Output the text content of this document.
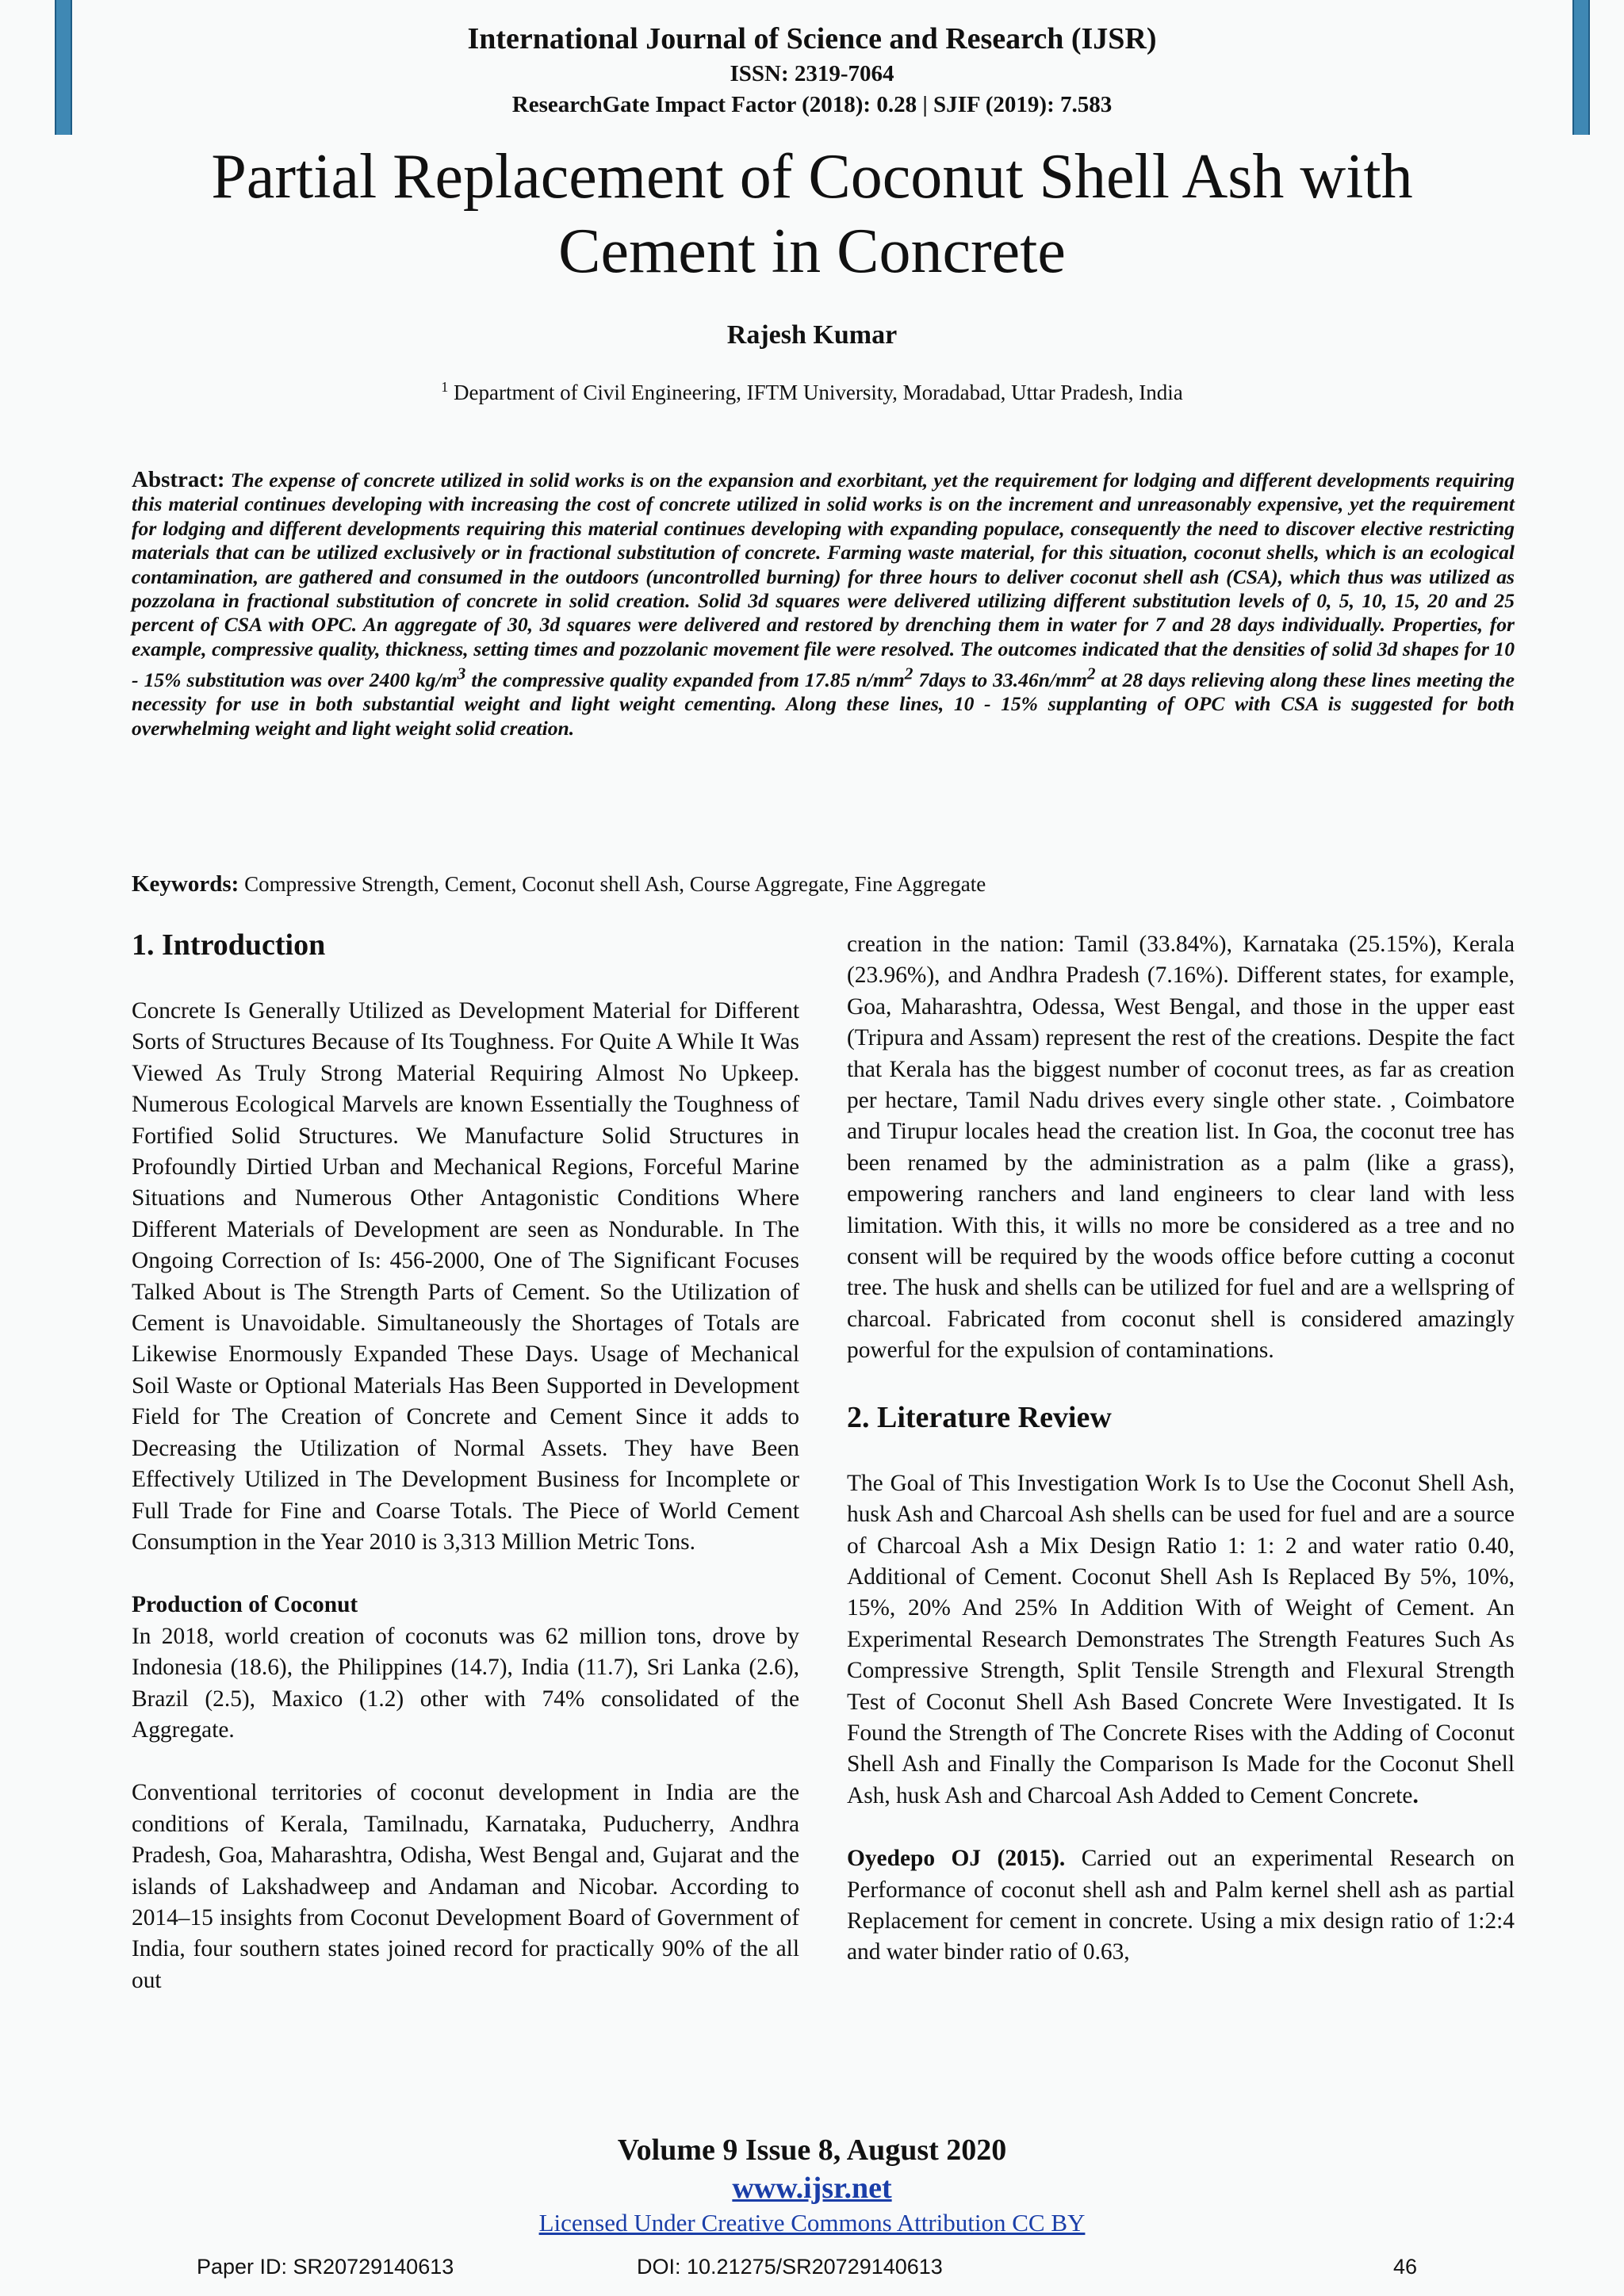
International Journal of Science and Research (IJSR)
ISSN: 2319-7064
ResearchGate Impact Factor (2018): 0.28 | SJIF (2019): 7.583
Partial Replacement of Coconut Shell Ash with Cement in Concrete
Rajesh Kumar
$^1$ Department of Civil Engineering, IFTM University, Moradabad, Uttar Pradesh, India
Abstract: The expense of concrete utilized in solid works is on the expansion and exorbitant, yet the requirement for lodging and different developments requiring this material continues developing with increasing the cost of concrete utilized in solid works is on the increment and unreasonably expensive, yet the requirement for lodging and different developments requiring this material continues developing with expanding populace, consequently the need to discover elective restricting materials that can be utilized exclusively or in fractional substitution of concrete. Farming waste material, for this situation, coconut shells, which is an ecological contamination, are gathered and consumed in the outdoors (uncontrolled burning) for three hours to deliver coconut shell ash (CSA), which thus was utilized as pozzolana in fractional substitution of concrete in solid creation. Solid 3d squares were delivered utilizing different substitution levels of 0, 5, 10, 15, 20 and 25 percent of CSA with OPC. An aggregate of 30, 3d squares were delivered and restored by drenching them in water for 7 and 28 days individually. Properties, for example, compressive quality, thickness, setting times and pozzolanic movement file were resolved. The outcomes indicated that the densities of solid 3d shapes for 10 - 15% substitution was over 2400 $kg/m^3$ the compressive quality expanded from 17.85 $n/mm^2$ 7days to $33.46n/mm^2$ at 28 days relieving along these lines meeting the necessity for use in both substantial weight and light weight cementing. Along these lines, 10 - 15% supplanting of OPC with CSA is suggested for both overwhelming weight and light weight solid creation.
Keywords: Compressive Strength, Cement, Coconut shell Ash, Course Aggregate, Fine Aggregate
1. Introduction

Concrete Is Generally Utilized as Development Material for Different Sorts of Structures Because of Its Toughness. For Quite A While It Was Viewed As Truly Strong Material Requiring Almost No Upkeep. Numerous Ecological Marvels are known Essentially the Toughness of Fortified Solid Structures. We Manufacture Solid Structures in Profoundly Dirtied Urban and Mechanical Regions, Forceful Marine Situations and Numerous Other Antagonistic Conditions Where Different Materials of Development are seen as Nondurable. In The Ongoing Correction of Is: 456-2000, One of The Significant Focuses Talked About is The Strength Parts of Cement. So the Utilization of Cement is Unavoidable. Simultaneously the Shortages of Totals are Likewise Enormously Expanded These Days. Usage of Mechanical Soil Waste or Optional Materials Has Been Supported in Development Field for The Creation of Concrete and Cement Since it adds to Decreasing the Utilization of Normal Assets. They have Been Effectively Utilized in The Development Business for Incomplete or Full Trade for Fine and Coarse Totals. The Piece of World Cement Consumption in the Year 2010 is 3,313 Million Metric Tons.

Production of Coconut

In 2018, world creation of coconuts was 62 million tons, drove by Indonesia (18.6), the Philippines (14.7), India (11.7), Sri Lanka (2.6), Brazil (2.5), Maxico (1.2) other with 74% consolidated of the Aggregate.

Conventional territories of coconut development in India are the conditions of Kerala, Tamilnadu, Karnataka, Puducherry, Andhra Pradesh, Goa, Maharashtra, Odisha, West Bengal and, Gujarat and the islands of Lakshadweep and Andaman and Nicobar. According to 2014–15 insights from Coconut Development Board of Government of India, four southern states joined record for practically 90% of the all out

creation in the nation: Tamil (33.84%), Karnataka (25.15%), Kerala (23.96%), and Andhra Pradesh (7.16%). Different states, for example, Goa, Maharashtra, Odessa, West Bengal, and those in the upper east (Tripura and Assam) represent the rest of the creations. Despite the fact that Kerala has the biggest number of coconut trees, as far as creation per hectare, Tamil Nadu drives every single other state. , Coimbatore and Tirupur locales head the creation list. In Goa, the coconut tree has been renamed by the administration as a palm (like a grass), empowering ranchers and land engineers to clear land with less limitation. With this, it wills no more be considered as a tree and no consent will be required by the woods office before cutting a coconut tree. The husk and shells can be utilized for fuel and are a wellspring of charcoal. Fabricated from coconut shell is considered amazingly powerful for the expulsion of contaminations.

2. Literature Review

The Goal of This Investigation Work Is to Use the Coconut Shell Ash, husk Ash and Charcoal Ash shells can be used for fuel and are a source of Charcoal Ash a Mix Design Ratio 1: 1: 2 and water ratio 0.40, Additional of Cement. Coconut Shell Ash Is Replaced By 5%, 10%, 15%, 20% And 25% In Addition With of Weight of Cement. An Experimental Research Demonstrates The Strength Features Such As Compressive Strength, Split Tensile Strength and Flexural Strength Test of Coconut Shell Ash Based Concrete Were Investigated. It Is Found the Strength of The Concrete Rises with the Adding of Coconut Shell Ash and Finally the Comparison Is Made for the Coconut Shell Ash, husk Ash and Charcoal Ash Added to Cement Concrete.

Oyedepo OJ (2015). Carried out an experimental Research on Performance of coconut shell ash and Palm kernel shell ash as partial Replacement for cement in concrete. Using a mix design ratio of 1:2:4 and water binder ratio of 0.63,

Volume 9 Issue 8, August 2020
www.ijsr.net
Licensed Under Creative Commons Attribution CC BY
Paper ID: SR20729140613	DOI: 10.21275/SR20729140613	46
